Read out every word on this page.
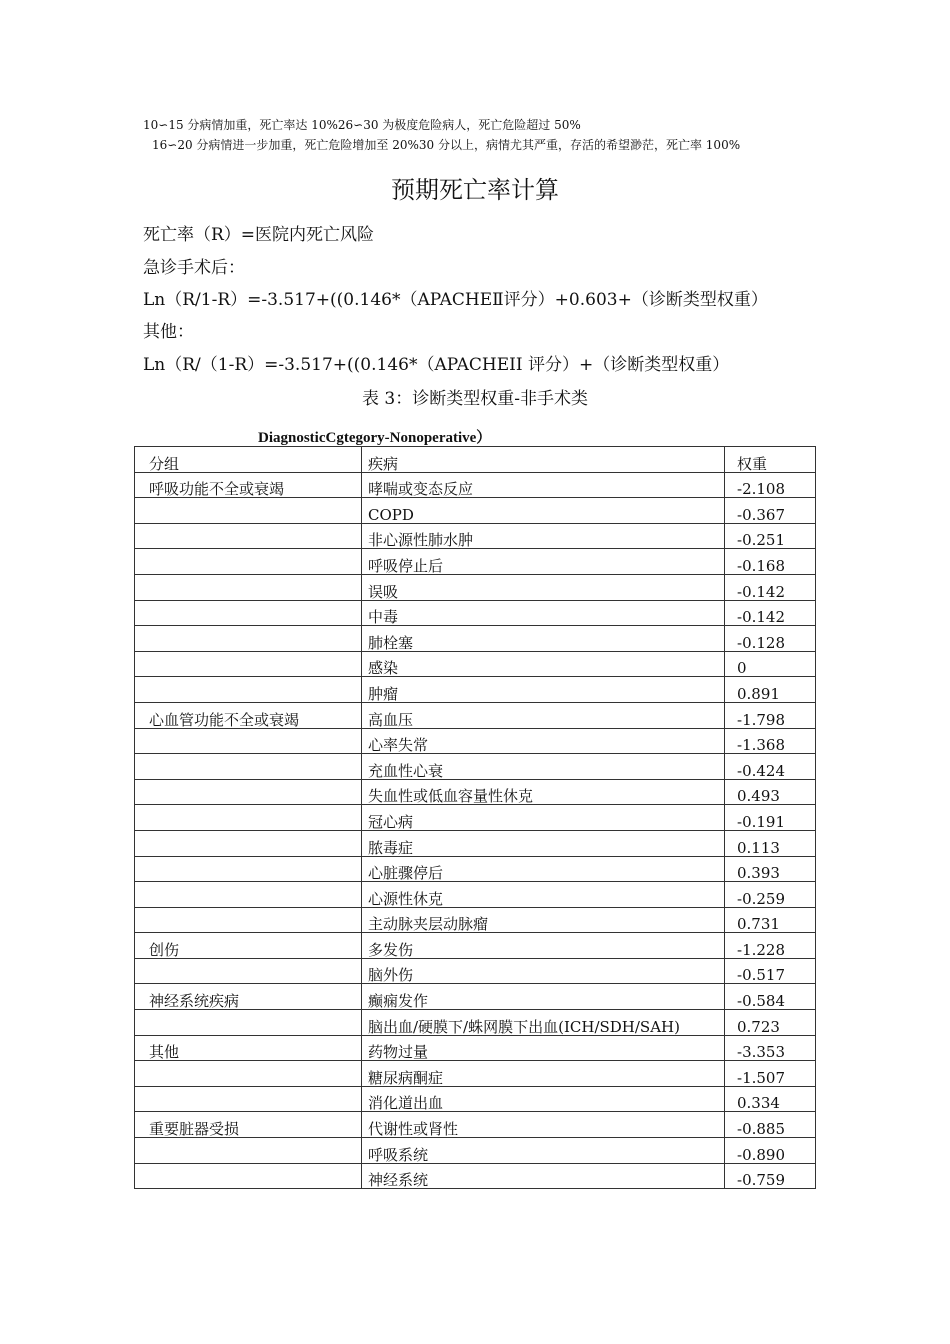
10∽15 分病情加重，死亡率达 10%26∽30 为极度危险病人，死亡危险超过 50%
16∽20 分病情进一步加重，死亡危险增加至 20%30 分以上，病情尤其严重，存活的希望渺茫，死亡率 100%
预期死亡率计算
死亡率（R）=医院内死亡风险
急诊手术后：
Ln（R/1-R）=-3.517+((0.146*（APACHEⅡ评分）+0.603+（诊断类型权重）
其他：
Ln（R/（1-R）=-3.517+((0.146*（APACHEII 评分）+（诊断类型权重）
表 3：诊断类型权重-非手术类
DiagnosticCgtegory-Nonoperative）
分组	疾病	权重
呼吸功能不全或衰竭	哮喘或变态反应	-2.108
	COPD	-0.367
	非心源性肺水肿	-0.251
	呼吸停止后	-0.168
	误吸	-0.142
	中毒	-0.142
	肺栓塞	-0.128
	感染	0
	肿瘤	0.891
心血管功能不全或衰竭	高血压	-1.798
	心率失常	-1.368
	充血性心衰	-0.424
	失血性或低血容量性休克	0.493
	冠心病	-0.191
	脓毒症	0.113
	心脏骤停后	0.393
	心源性休克	-0.259
	主动脉夹层动脉瘤	0.731
创伤	多发伤	-1.228
	脑外伤	-0.517
神经系统疾病	癫痫发作	-0.584
	脑出血/硬膜下/蛛网膜下出血(ICH/SDH/SAH)	0.723
其他	药物过量	-3.353
	糖尿病酮症	-1.507
	消化道出血	0.334
重要脏器受损	代谢性或肾性	-0.885
	呼吸系统	-0.890
	神经系统	-0.759
